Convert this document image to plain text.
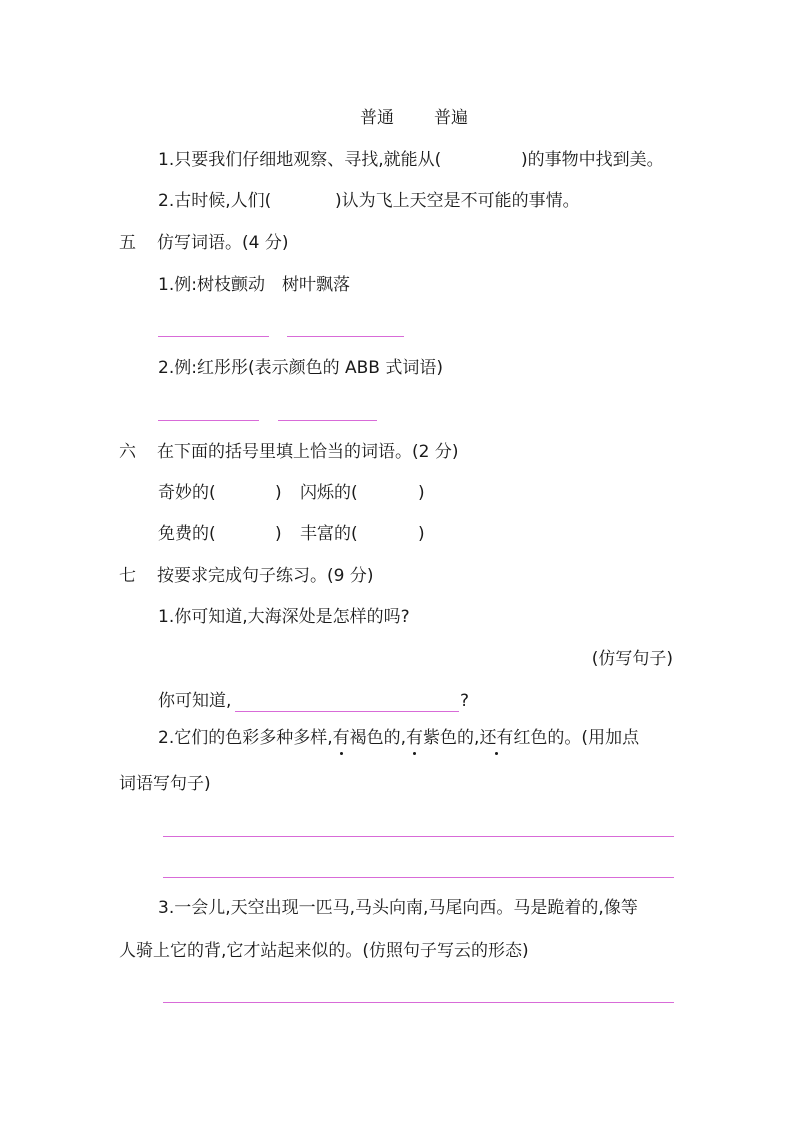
普通 普遍
1.只要我们仔细地观察、寻找,就能从(	)的事物中找到美。
2.古时候,人们(	)认为飞上天空是不可能的事情。
五 仿写词语。(4 分)
1.例:树枝颤动　树叶飘落
2.例:红彤彤(表示颜色的 ABB 式词语)
六 在下面的括号里填上恰当的词语。(2 分)
奇妙的(	) 闪烁的(	)
免费的(	) 丰富的(	)
七 按要求完成句子练习。(9 分)
1.你可知道,大海深处是怎样的吗?
(仿写句子)
你可知道,	?
2.它们的色彩多种多样,有褐色的,有紫色的,还有红色的。(用加点
词语写句子)
3.一会儿,天空出现一匹马,马头向南,马尾向西。马是跪着的,像等
人骑上它的背,它才站起来似的。(仿照句子写云的形态)
